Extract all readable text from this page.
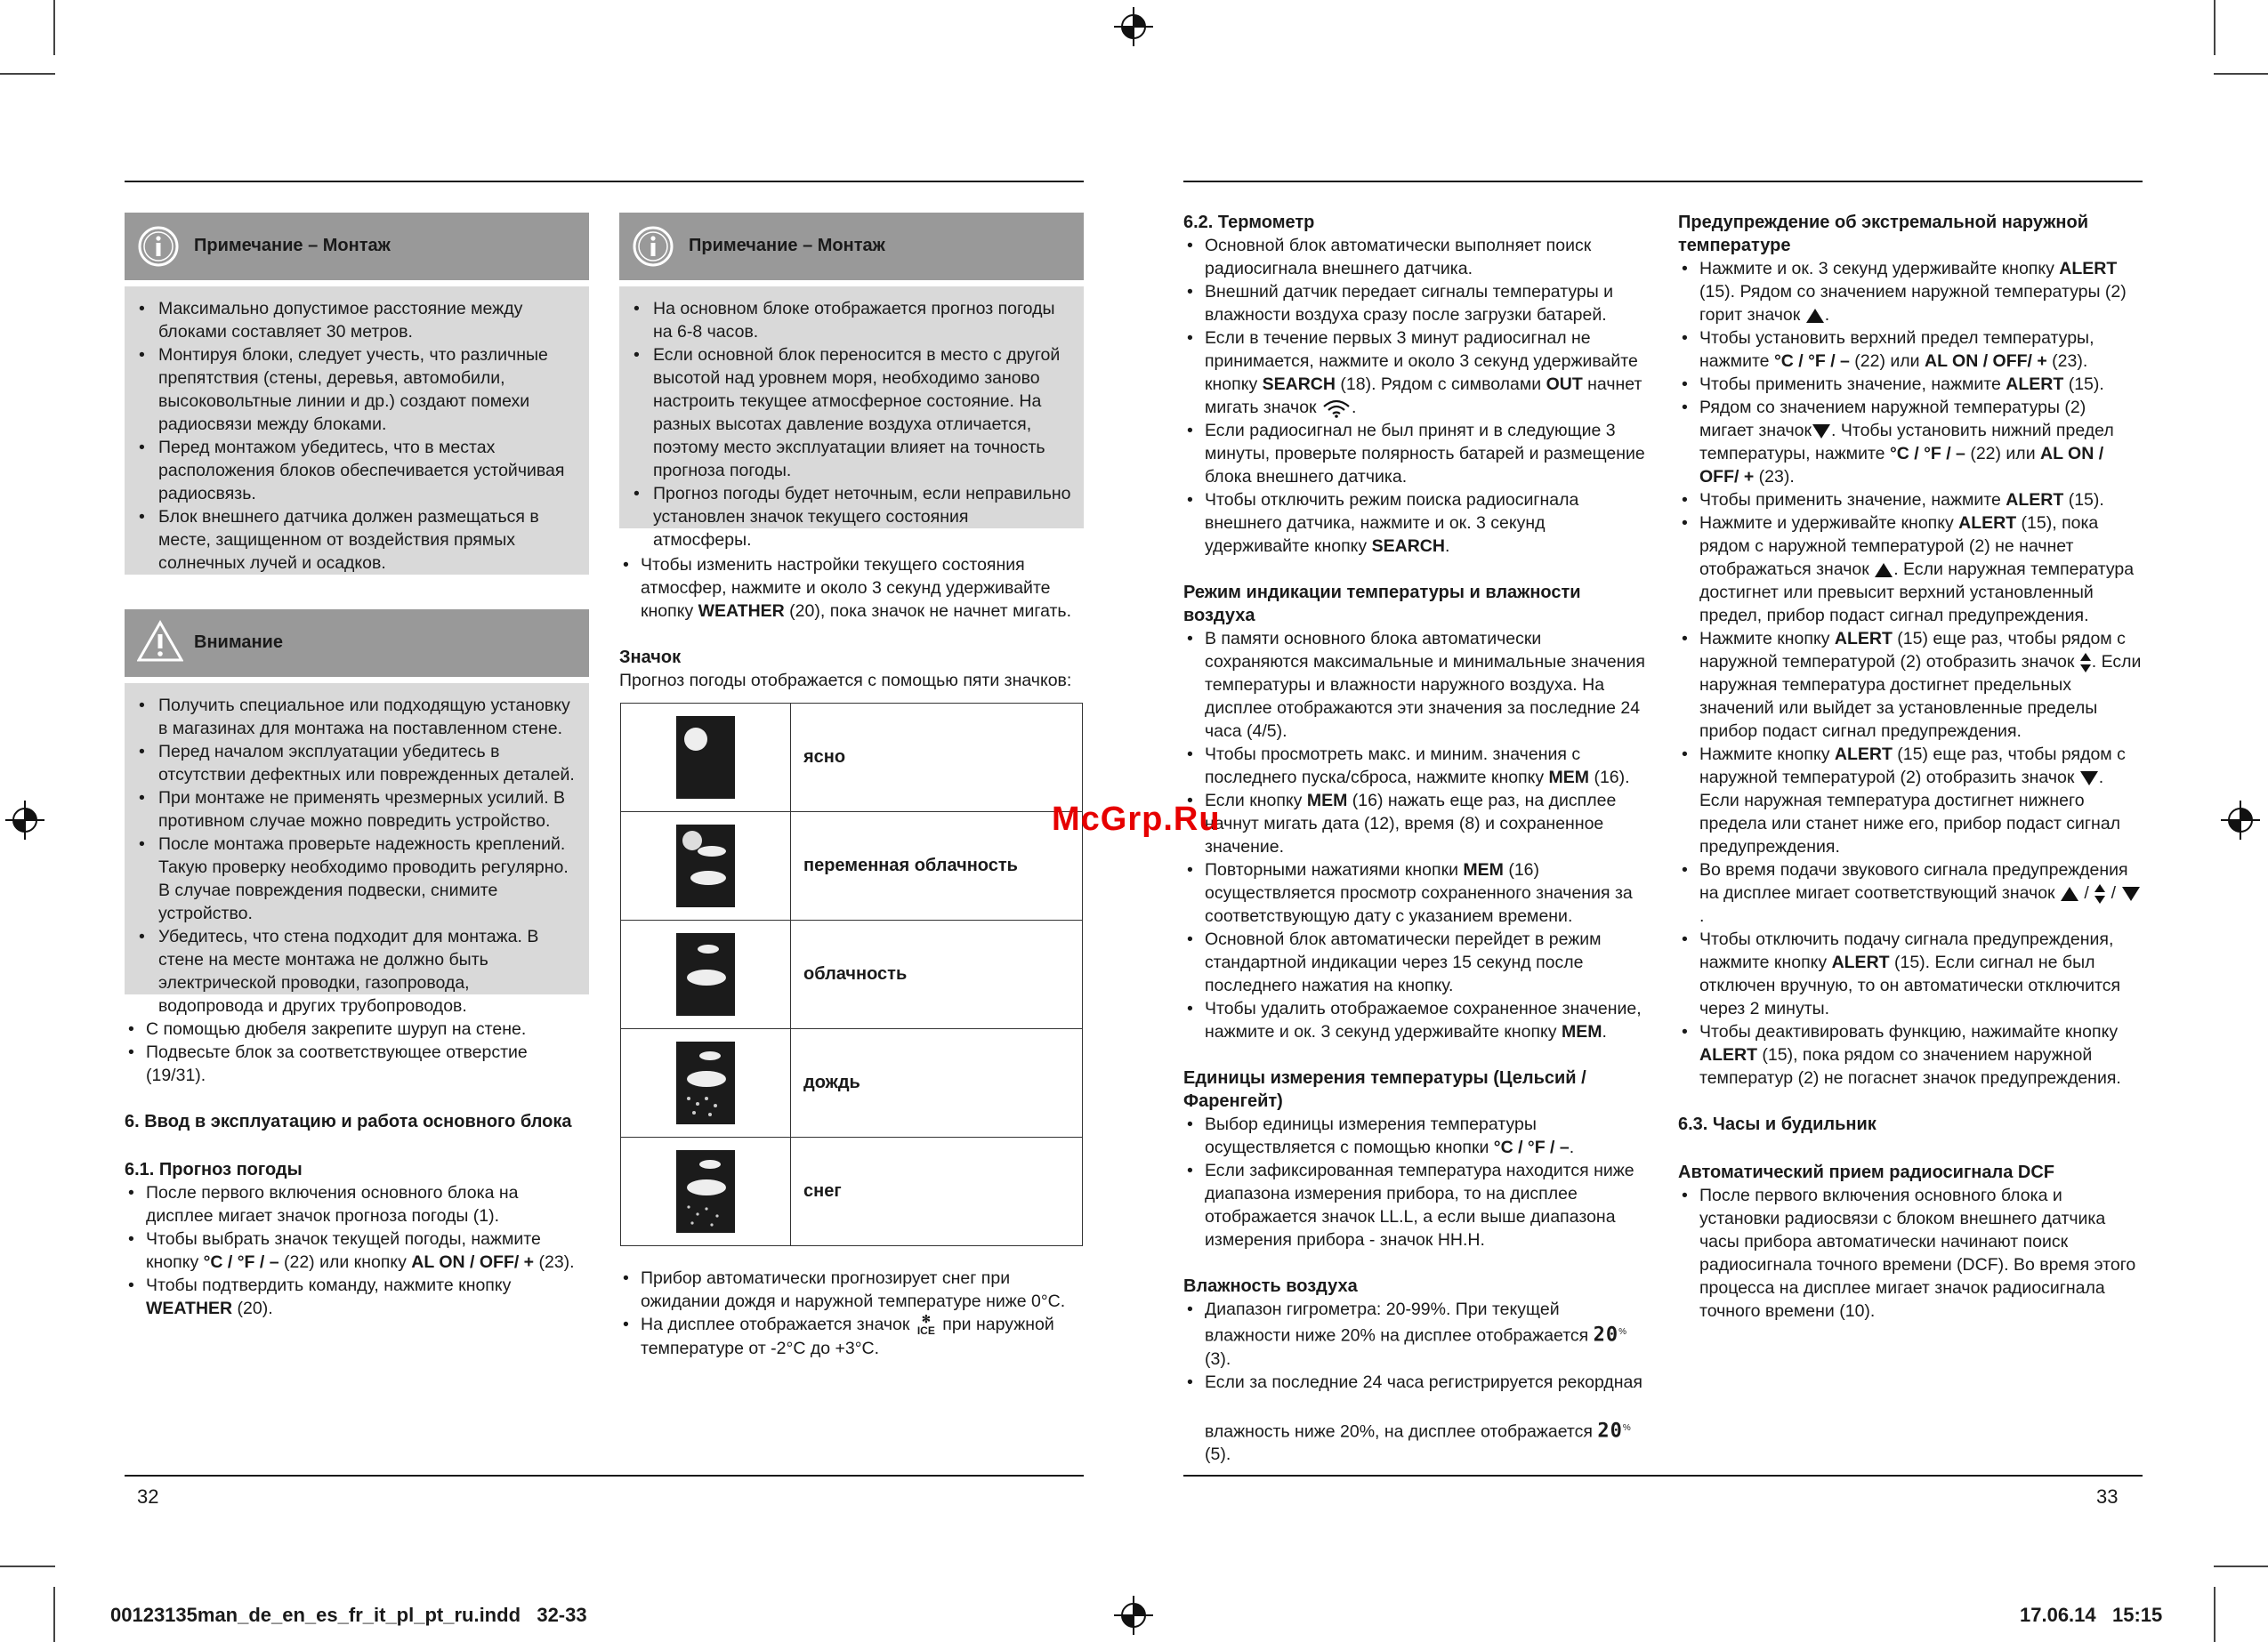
Примечание – Монтаж
• Максимально допустимое расстояние между блоками составляет 30 метров.
• Монтируя блоки, следует учесть, что различные препятствия (стены, деревья, автомобили, высоковольтные линии и др.) создают помехи радиосвязи между блоками.
• Перед монтажом убедитесь, что в местах расположения блоков обеспечивается устойчивая радиосвязь.
• Блок внешнего датчика должен размещаться в месте, защищенном от воздействия прямых солнечных лучей и осадков.
Внимание
• Получить специальное или подходящую установку в магазинах для монтажа на поставленном стене.
• Перед началом эксплуатации убедитесь в отсутствии дефектных или поврежденных деталей.
• При монтаже не применять чрезмерных усилий. В противном случае можно повредить устройство.
• После монтажа проверьте надежность креплений. Такую проверку необходимо проводить регулярно. В случае повреждения подвески, снимите устройство.
• Убедитесь, что стена подходит для монтажа. В стене на месте монтажа не должно быть электрической проводки, газопровода, водопровода и других трубопроводов.
• С помощью дюбеля закрепите шуруп на стене.
• Подвесьте блок за соответствующее отверстие (19/31).
6. Ввод в эксплуатацию и работа основного блока
6.1. Прогноз погоды
• После первого включения основного блока на дисплее мигает значок прогноза погоды (1).
• Чтобы выбрать значок текущей погоды, нажмите кнопку °C / °F / – (22) или кнопку AL ON / OFF/ + (23).
• Чтобы подтвердить команду, нажмите кнопку WEATHER (20).
Примечание – Монтаж
• На основном блоке отображается прогноз погоды на 6-8 часов.
• Если основной блок переносится в место с другой высотой над уровнем моря, необходимо заново настроить текущее атмосферное состояние. На разных высотах давление воздуха отличается, поэтому место эксплуатации влияет на точность прогноза погоды.
• Прогноз погоды будет неточным, если неправильно установлен значок текущего состояния атмосферы.
• Чтобы изменить настройки текущего состояния атмосфер, нажмите и около 3 секунд удерживайте кнопку WEATHER (20), пока значок не начнет мигать.
Значок
Прогноз погоды отображается с помощью пяти значков:
	ясно
	переменная облачность
	облачность
	дождь
	снег
• Прибор автоматически прогнозирует снег при ожидании дождя и наружной температуре ниже 0°C.
• На дисплее отображается значок ✻
ICE при наружной температуре от -2°C до +3°C.
6.2. Термометр
• Основной блок автоматически выполняет поиск радиосигнала внешнего датчика.
• Внешний датчик передает сигналы температуры и влажности воздуха сразу после загрузки батарей.
• Если в течение первых 3 минут радиосигнал не принимается, нажмите и около 3 секунд удерживайте кнопку SEARCH (18). Рядом с символами OUT начнет мигать значок .
• Если радиосигнал не был принят и в следующие 3 минуты, проверьте полярность батарей и размещение блока внешнего датчика.
• Чтобы отключить режим поиска радиосигнала внешнего датчика, нажмите и ок. 3 секунд удерживайте кнопку SEARCH.
Режим индикации температуры и влажности воздуха
• В памяти основного блока автоматически сохраняются максимальные и минимальные значения температуры и влажности наружного воздуха. На дисплее отображаются эти значения за последние 24 часа (4/5).
• Чтобы просмотреть макс. и миним. значения с последнего пуска/сброса, нажмите кнопку MEM (16).
• Если кнопку MEM (16) нажать еще раз, на дисплее начнут мигать дата (12), время (8) и сохраненное значение.
• Повторными нажатиями кнопки MEM (16) осуществляется просмотр сохраненного значения за соответствующую дату с указанием времени.
• Основной блок автоматически перейдет в режим стандартной индикации через 15 секунд после последнего нажатия на кнопку.
• Чтобы удалить отображаемое сохраненное значение, нажмите и ок. 3 секунд удерживайте кнопку MEM.
Единицы измерения температуры (Цельсий / Фаренгейт)
• Выбор единицы измерения температуры осуществляется с помощью кнопки °C / °F / –.
• Если зафиксированная температура находится ниже диапазона измерения прибора, то на дисплее отображается значок LL.L, а если выше диапазона измерения прибора - значок HH.H.
Влажность воздуха
• Диапазон гигрометра: 20-99%. При текущей влажности ниже 20% на дисплее отображается 20% (3).
• Если за последние 24 часа регистрируется рекордная

влажность ниже 20%, на дисплее отображается 20%
(5).
Предупреждение об экстремальной наружной температуре
• Нажмите и ок. 3 секунд удерживайте кнопку ALERT (15). Рядом со значением наружной температуры (2) горит значок .
• Чтобы установить верхний предел температуры, нажмите °C / °F / – (22) или AL ON / OFF/ + (23).
• Чтобы применить значение, нажмите ALERT (15).
• Рядом со значением наружной температуры (2) мигает значок . Чтобы установить нижний предел температуры, нажмите °C / °F / – (22) или AL ON / OFF/ + (23).
• Чтобы применить значение, нажмите ALERT (15).
• Нажмите и удерживайте кнопку ALERT (15), пока рядом с наружной температурой (2) не начнет отображаться значок . Если наружная температура достигнет или превысит верхний установленный предел, прибор подаст сигнал предупреждения.
• Нажмите кнопку ALERT (15) еще раз, чтобы рядом с наружной температурой (2) отобразить значок . Если наружная температура достигнет предельных значений или выйдет за установленные пределы прибор подаст сигнал предупреждения.
• Нажмите кнопку ALERT (15) еще раз, чтобы рядом с наружной температурой (2) отобразить значок . Если наружная температура достигнет нижнего предела или станет ниже его, прибор подаст сигнал предупреждения.
• Во время подачи звукового сигнала предупреждения на дисплее мигает соответствующий значок  /  / .
• Чтобы отключить подачу сигнала предупреждения, нажмите кнопку ALERT (15). Если сигнал не был отключен вручную, то он автоматически отключится через 2 минуты.
• Чтобы деактивировать функцию, нажимайте кнопку ALERT (15), пока рядом со значением наружной температур (2) не погаснет значок предупреждения.
6.3. Часы и будильник
Автоматический прием радиосигнала DCF
• После первого включения основного блока и установки радиосвязи с блоком внешнего датчика часы прибора автоматически начинают поиск радиосигнала точного времени (DCF). Во время этого процесса на дисплее мигает значок радиосигнала точного времени (10).
McGrp.Ru
32	33
00123135man_de_en_es_fr_it_pl_pt_ru.indd   32-33	17.06.14   15:15
